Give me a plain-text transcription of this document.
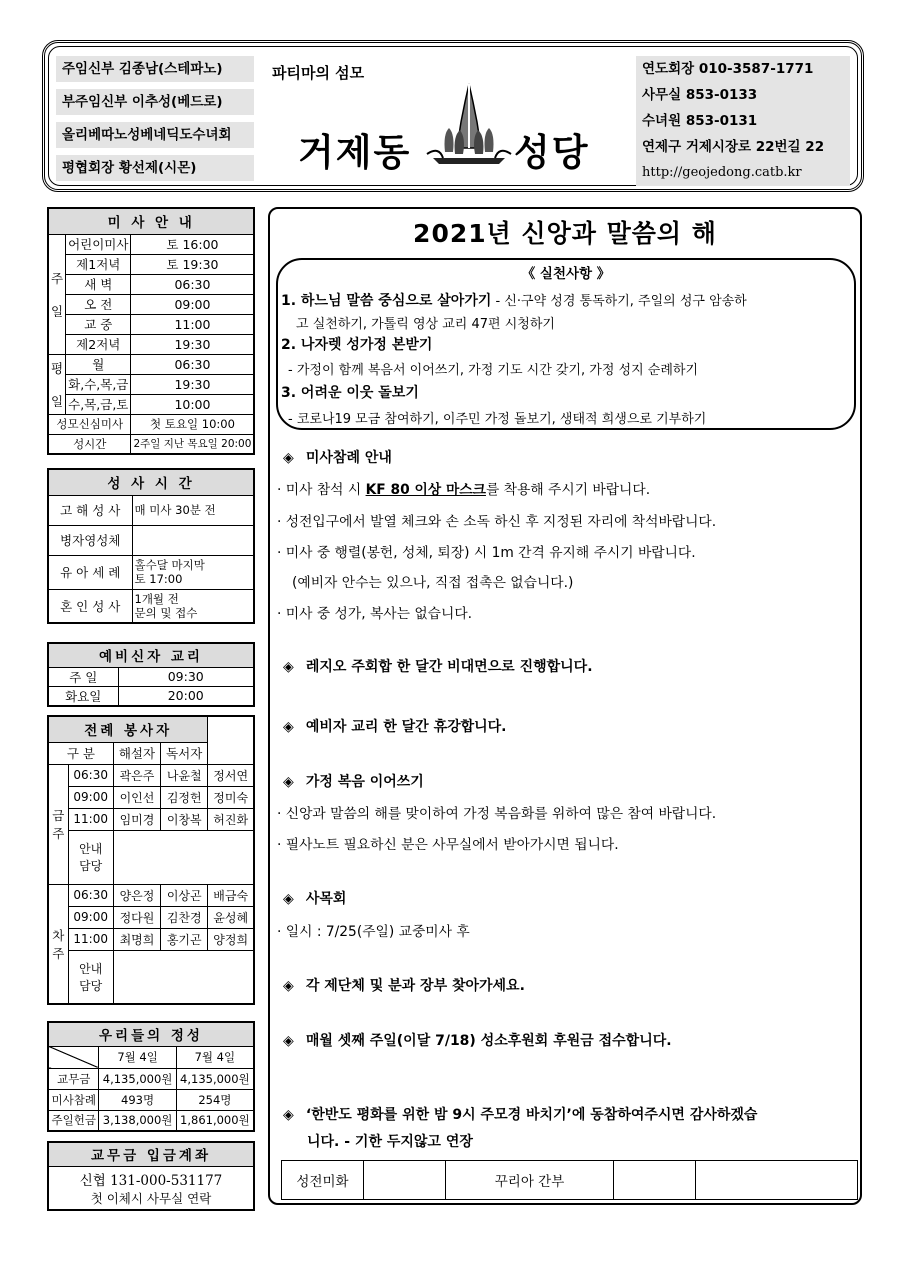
주임신부 김종남(스테파노)
부주임신부 이추성(베드로)
올리베따노성베네딕도수녀회
평협회장 황선제(시몬)
파티마의 섬모
거제동	성당
연도회장 010-3587-1771
사무실 853-0133
수녀원 853-0131
연제구 거제시장로 22번길 22
http://geojedong.catb.kr
미 사 안 내		
주

일	어린이미사	토 16:00
	제1저녁	토 19:30
	새 벽	06:30
	오 전	09:00
	교 중	11:00
	제2저녁	19:30
평

일	월	06:30
	화,수,목,금	19:30
	수,목,금,토	10:00
성모신심미사		첫 토요일 10:00
성시간		2주일 지난 목요일 20:00
성 사 시 간	
고 해 성 사	매 미사 30분 전
병자영성체	
유 아 세 례	홀수달 마지막
토 17:00
혼 인 성 사	1개월 전
문의 및 접수
예비신자 교리	
주 일	09:30
화요일	20:00
전례 봉사자				
구 분		해설자	독서자	
금
주	06:30	곽은주	나윤철	정서연
	09:00	이인선	김정헌	정미숙
	11:00	임미경	이창복	허진화
	안내
담당			
차
주	06:30	양은정	이상곤	배금숙
	09:00	정다원	김찬경	윤성혜
	11:00	최명희	홍기곤	양정희
	안내
담당			
우리들의 정성		
	7월 4일	7월 4일
교무금	4,135,000원	4,135,000원
미사참례	493명	254명
주일헌금	3,138,000원	1,861,000원
교무금 입금계좌
신협 131-000-531177
첫 이체시 사무실 연락
2021년 신앙과 말씀의 해
《 실천사항 》
1. 하느님 말씀 중심으로 살아가기 - 신·구약 성경 통독하기, 주일의 성구 암송하
고 실천하기, 가톨릭 영상 교리 47편 시청하기
2. 나자렛 성가정 본받기
- 가정이 함께 복음서 이어쓰기, 가정 기도 시간 갖기, 가정 성지 순례하기
3. 어려운 이웃 돌보기
- 코로나19 모금 참여하기, 이주민 가정 돌보기, 생태적 희생으로 기부하기
◈ 미사참례 안내
· 미사 참석 시 KF 80 이상 마스크를 착용해 주시기 바랍니다.
· 성전입구에서 발열 체크와 손 소독 하신 후 지정된 자리에 착석바랍니다.
· 미사 중 행렬(봉헌, 성체, 퇴장) 시 1m 간격 유지해 주시기 바랍니다.
(예비자 안수는 있으나, 직접 접촉은 없습니다.)
· 미사 중 성가, 복사는 없습니다.
◈ 레지오 주회합 한 달간 비대면으로 진행합니다.
◈ 예비자 교리 한 달간 휴강합니다.
◈ 가정 복음 이어쓰기
· 신앙과 말씀의 해를 맞이하여 가정 복음화를 위하여 많은 참여 바랍니다.
· 필사노트 필요하신 분은 사무실에서 받아가시면 됩니다.
◈ 사목회
· 일시 : 7/25(주일) 교중미사 후
◈ 각 제단체 및 분과 장부 찾아가세요.
◈ 매월 셋째 주일(이달 7/18) 성소후원회 후원금 접수합니다.
◈ ‘한반도 평화를 위한 밤 9시 주모경 바치기’에 동참하여주시면 감사하겠습
니다. - 기한 두지않고 연장
성전미화		꾸리아 간부		
